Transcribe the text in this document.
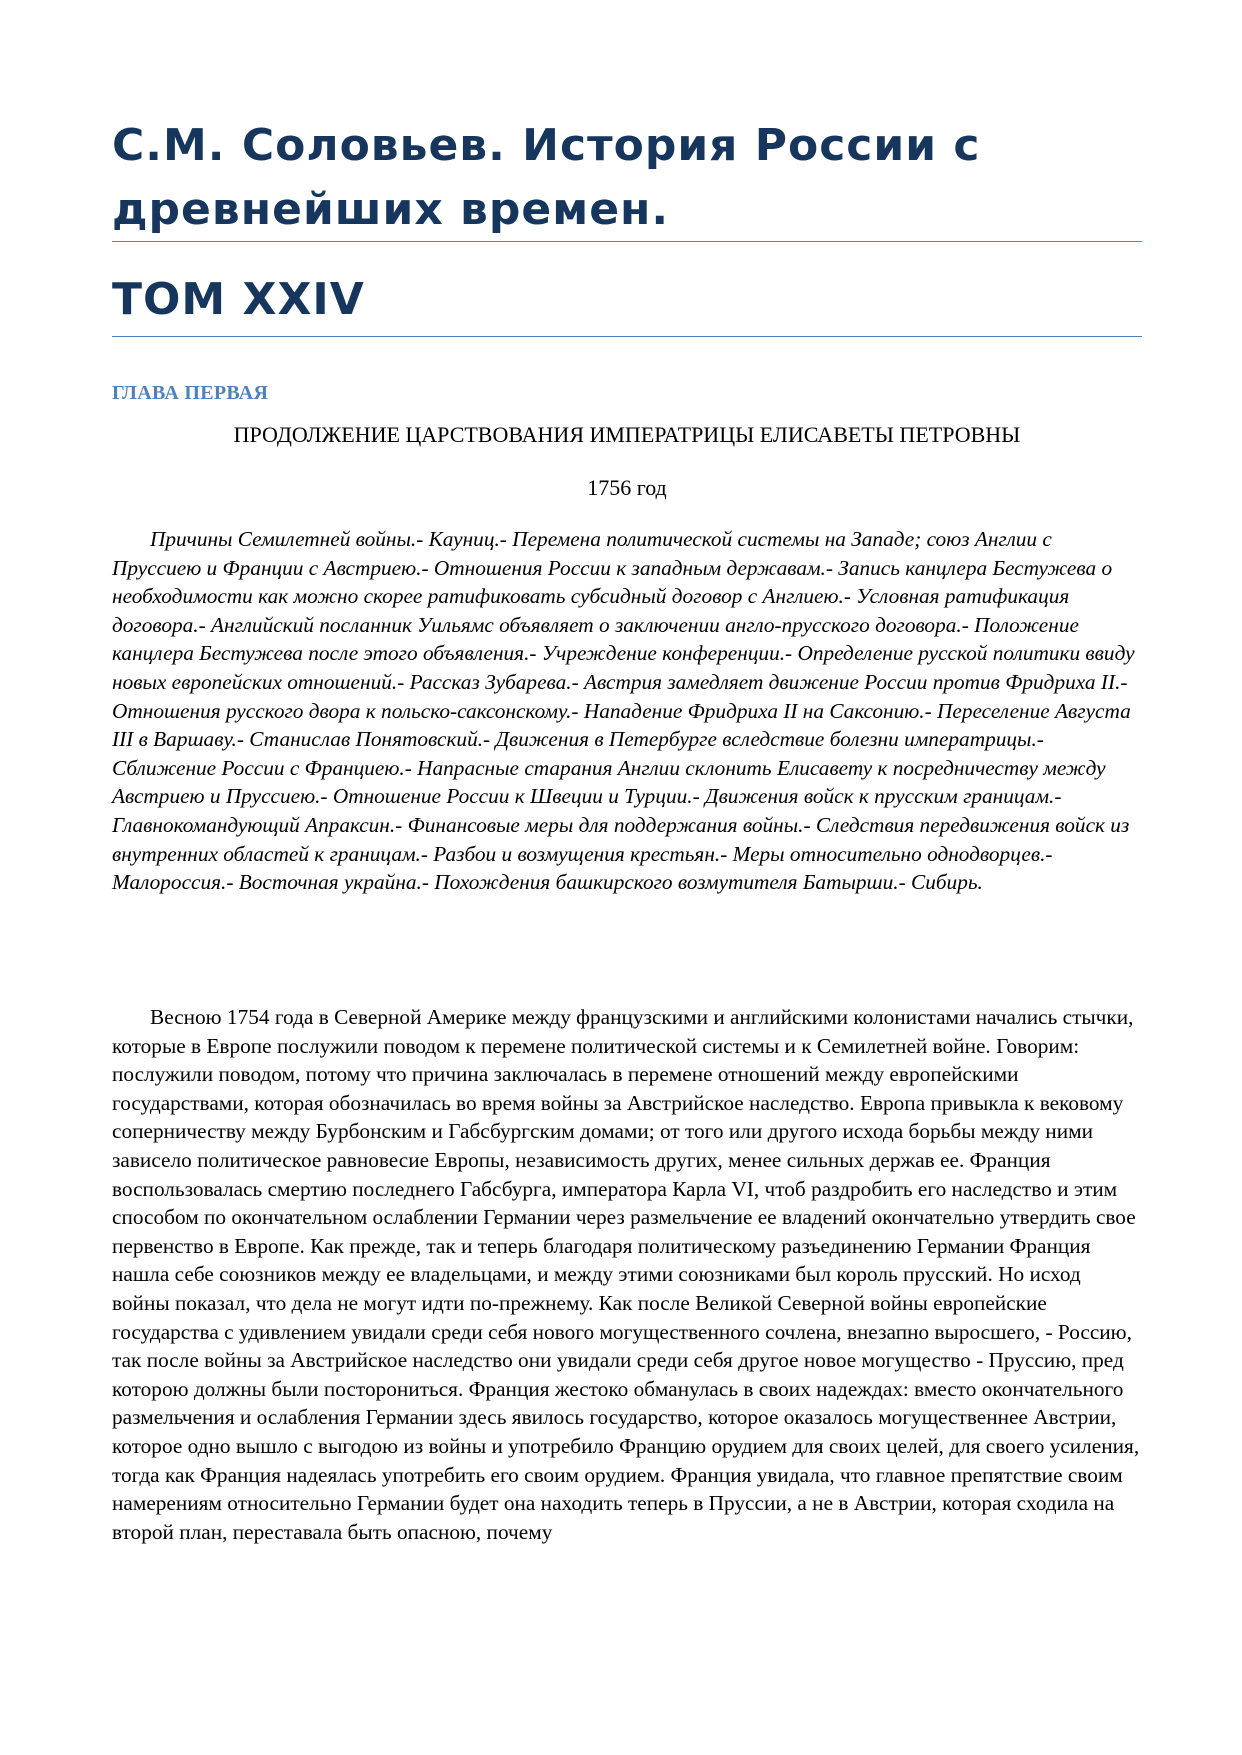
С.М. Соловьев. История России с древнейших времен.
ТОМ XXIV
ГЛАВА ПЕРВАЯ
ПРОДОЛЖЕНИЕ ЦАРСТВОВАНИЯ ИМПЕРАТРИЦЫ ЕЛИСАВЕТЫ ПЕТРОВНЫ
1756 год

Причины Семилетней войны.- Кауниц.- Перемена политической системы на Западе; союз Англии с Пруссиею и Франции с Австриею.- Отношения России к западным державам.- Запись канцлера Бестужева о необходимости как можно скорее ратификовать субсидный договор с Англиею.- Условная ратификация договора.- Английский посланник Уильямс объявляет о заключении англо-прусского договора.- Положение канцлера Бестужева после этого объявления.- Учреждение конференции.- Определение русской политики ввиду новых европейских отношений.- Рассказ Зубарева.- Австрия замедляет движение России против Фридриха II.- Отношения русского двора к польско-саксонскому.- Нападение Фридриха II на Саксонию.- Переселение Августа III в Варшаву.- Станислав Понятовский.- Движения в Петербурге вследствие болезни императрицы.- Сближение России с Франциею.- Напрасные старания Англии склонить Елисавету к посредничеству между Австриею и Пруссиею.- Отношение России к Швеции и Турции.- Движения войск к прусским границам.- Главнокомандующий Апраксин.- Финансовые меры для поддержания войны.- Следствия передвижения войск из внутренних областей к границам.- Разбои и возмущения крестьян.- Меры относительно однодворцев.- Малороссия.- Восточная украйна.- Похождения башкирского возмутителя Батырши.- Сибирь.

Весною 1754 года в Северной Америке между французскими и английскими колонистами начались стычки, которые в Европе послужили поводом к перемене политической системы и к Семилетней войне. Говорим: послужили поводом, потому что причина заключалась в перемене отношений между европейскими государствами, которая обозначилась во время войны за Австрийское наследство. Европа привыкла к вековому соперничеству между Бурбонским и Габсбургским домами; от того или другого исхода борьбы между ними зависело политическое равновесие Европы, независимость других, менее сильных держав ее. Франция воспользовалась смертию последнего Габсбурга, императора Карла VI, чтоб раздробить его наследство и этим способом по окончательном ослаблении Германии через размельчение ее владений окончательно утвердить свое первенство в Европе. Как прежде, так и теперь благодаря политическому разъединению Германии Франция нашла себе союзников между ее владельцами, и между этими союзниками был король прусский. Но исход войны показал, что дела не могут идти по-прежнему. Как после Великой Северной войны европейские государства с удивлением увидали среди себя нового могущественного сочлена, внезапно выросшего, - Россию, так после войны за Австрийское наследство они увидали среди себя другое новое могущество - Пруссию, пред которою должны были посторониться. Франция жестоко обманулась в своих надеждах: вместо окончательного размельчения и ослабления Германии здесь явилось государство, которое оказалось могущественнее Австрии, которое одно вышло с выгодою из войны и употребило Францию орудием для своих целей, для своего усиления, тогда как Франция надеялась употребить его своим орудием. Франция увидала, что главное препятствие своим намерениям относительно Германии будет она находить теперь в Пруссии, а не в Австрии, которая сходила на второй план, переставала быть опасною, почему
